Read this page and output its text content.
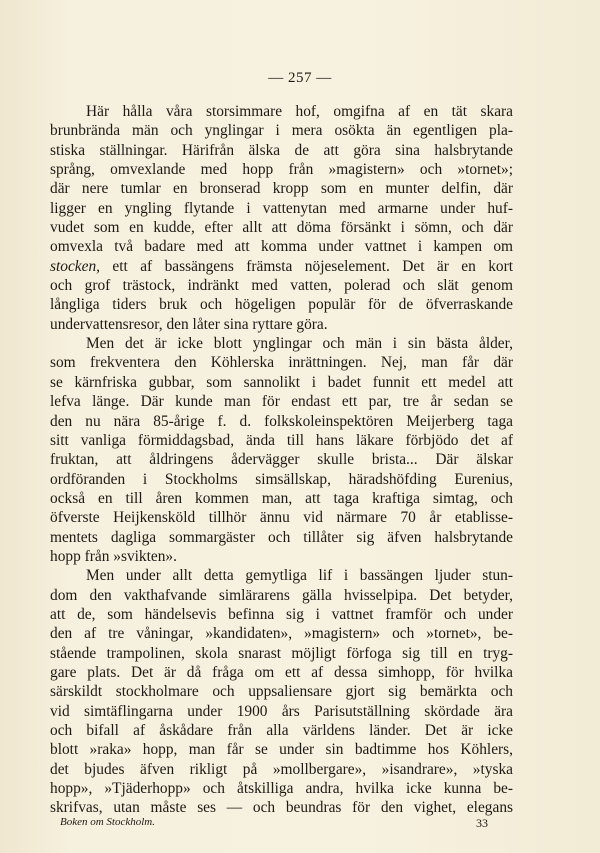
— 257 —
Här hålla våra storsimmare hof, omgifna af en tät skara
brunbrända män och ynglingar i mera osökta än egentligen pla-
stiska ställningar. Härifrån älska de att göra sina halsbrytande
språng, omvexlande med hopp från »magistern» och »tornet»;
där nere tumlar en bronserad kropp som en munter delfin, där
ligger en yngling flytande i vattenytan med armarne under huf-
vudet som en kudde, efter allt att döma försänkt i sömn, och där
omvexla två badare med att komma under vattnet i kampen om
stocken, ett af bassängens främsta nöjeselement. Det är en kort
och grof trästock, indränkt med vatten, polerad och slät genom
långliga tiders bruk och högeligen populär för de öfverraskande
undervattensresor, den låter sina ryttare göra.
Men det är icke blott ynglingar och män i sin bästa ålder,
som frekventera den Köhlerska inrättningen. Nej, man får där
se kärnfriska gubbar, som sannolikt i badet funnit ett medel att
lefva länge. Där kunde man för endast ett par, tre år sedan se
den nu nära 85-årige f. d. folkskoleinspektören Meijerberg taga
sitt vanliga förmiddagsbad, ända till hans läkare förbjödo det af
fruktan, att åldringens ådervägger skulle brista... Där älskar
ordföranden i Stockholms simsällskap, häradshöfding Eurenius,
också en till åren kommen man, att taga kraftiga simtag, och
öfverste Heijkensköld tillhör ännu vid närmare 70 år etablisse-
mentets dagliga sommargäster och tillåter sig äfven halsbrytande
hopp från »svikten».
Men under allt detta gemytliga lif i bassängen ljuder stun-
dom den vakthafvande simlärarens gälla hvisselpipa. Det betyder,
att de, som händelsevis befinna sig i vattnet framför och under
den af tre våningar, »kandidaten», »magistern» och »tornet», be-
stående trampolinen, skola snarast möjligt förfoga sig till en tryg-
gare plats. Det är då fråga om ett af dessa simhopp, för hvilka
särskildt stockholmare och uppsaliensare gjort sig bemärkta och
vid simtäflingarna under 1900 års Parisutställning skördade ära
och bifall af åskådare från alla världens länder. Det är icke
blott »raka» hopp, man får se under sin badtimme hos Köhlers,
det bjudes äfven rikligt på »mollbergare», »isandrare», »tyska
hopp», »Tjäderhopp» och åtskilliga andra, hvilka icke kunna be-
skrifvas, utan måste ses — och beundras för den vighet, elegans
Boken om Stockholm.	33
